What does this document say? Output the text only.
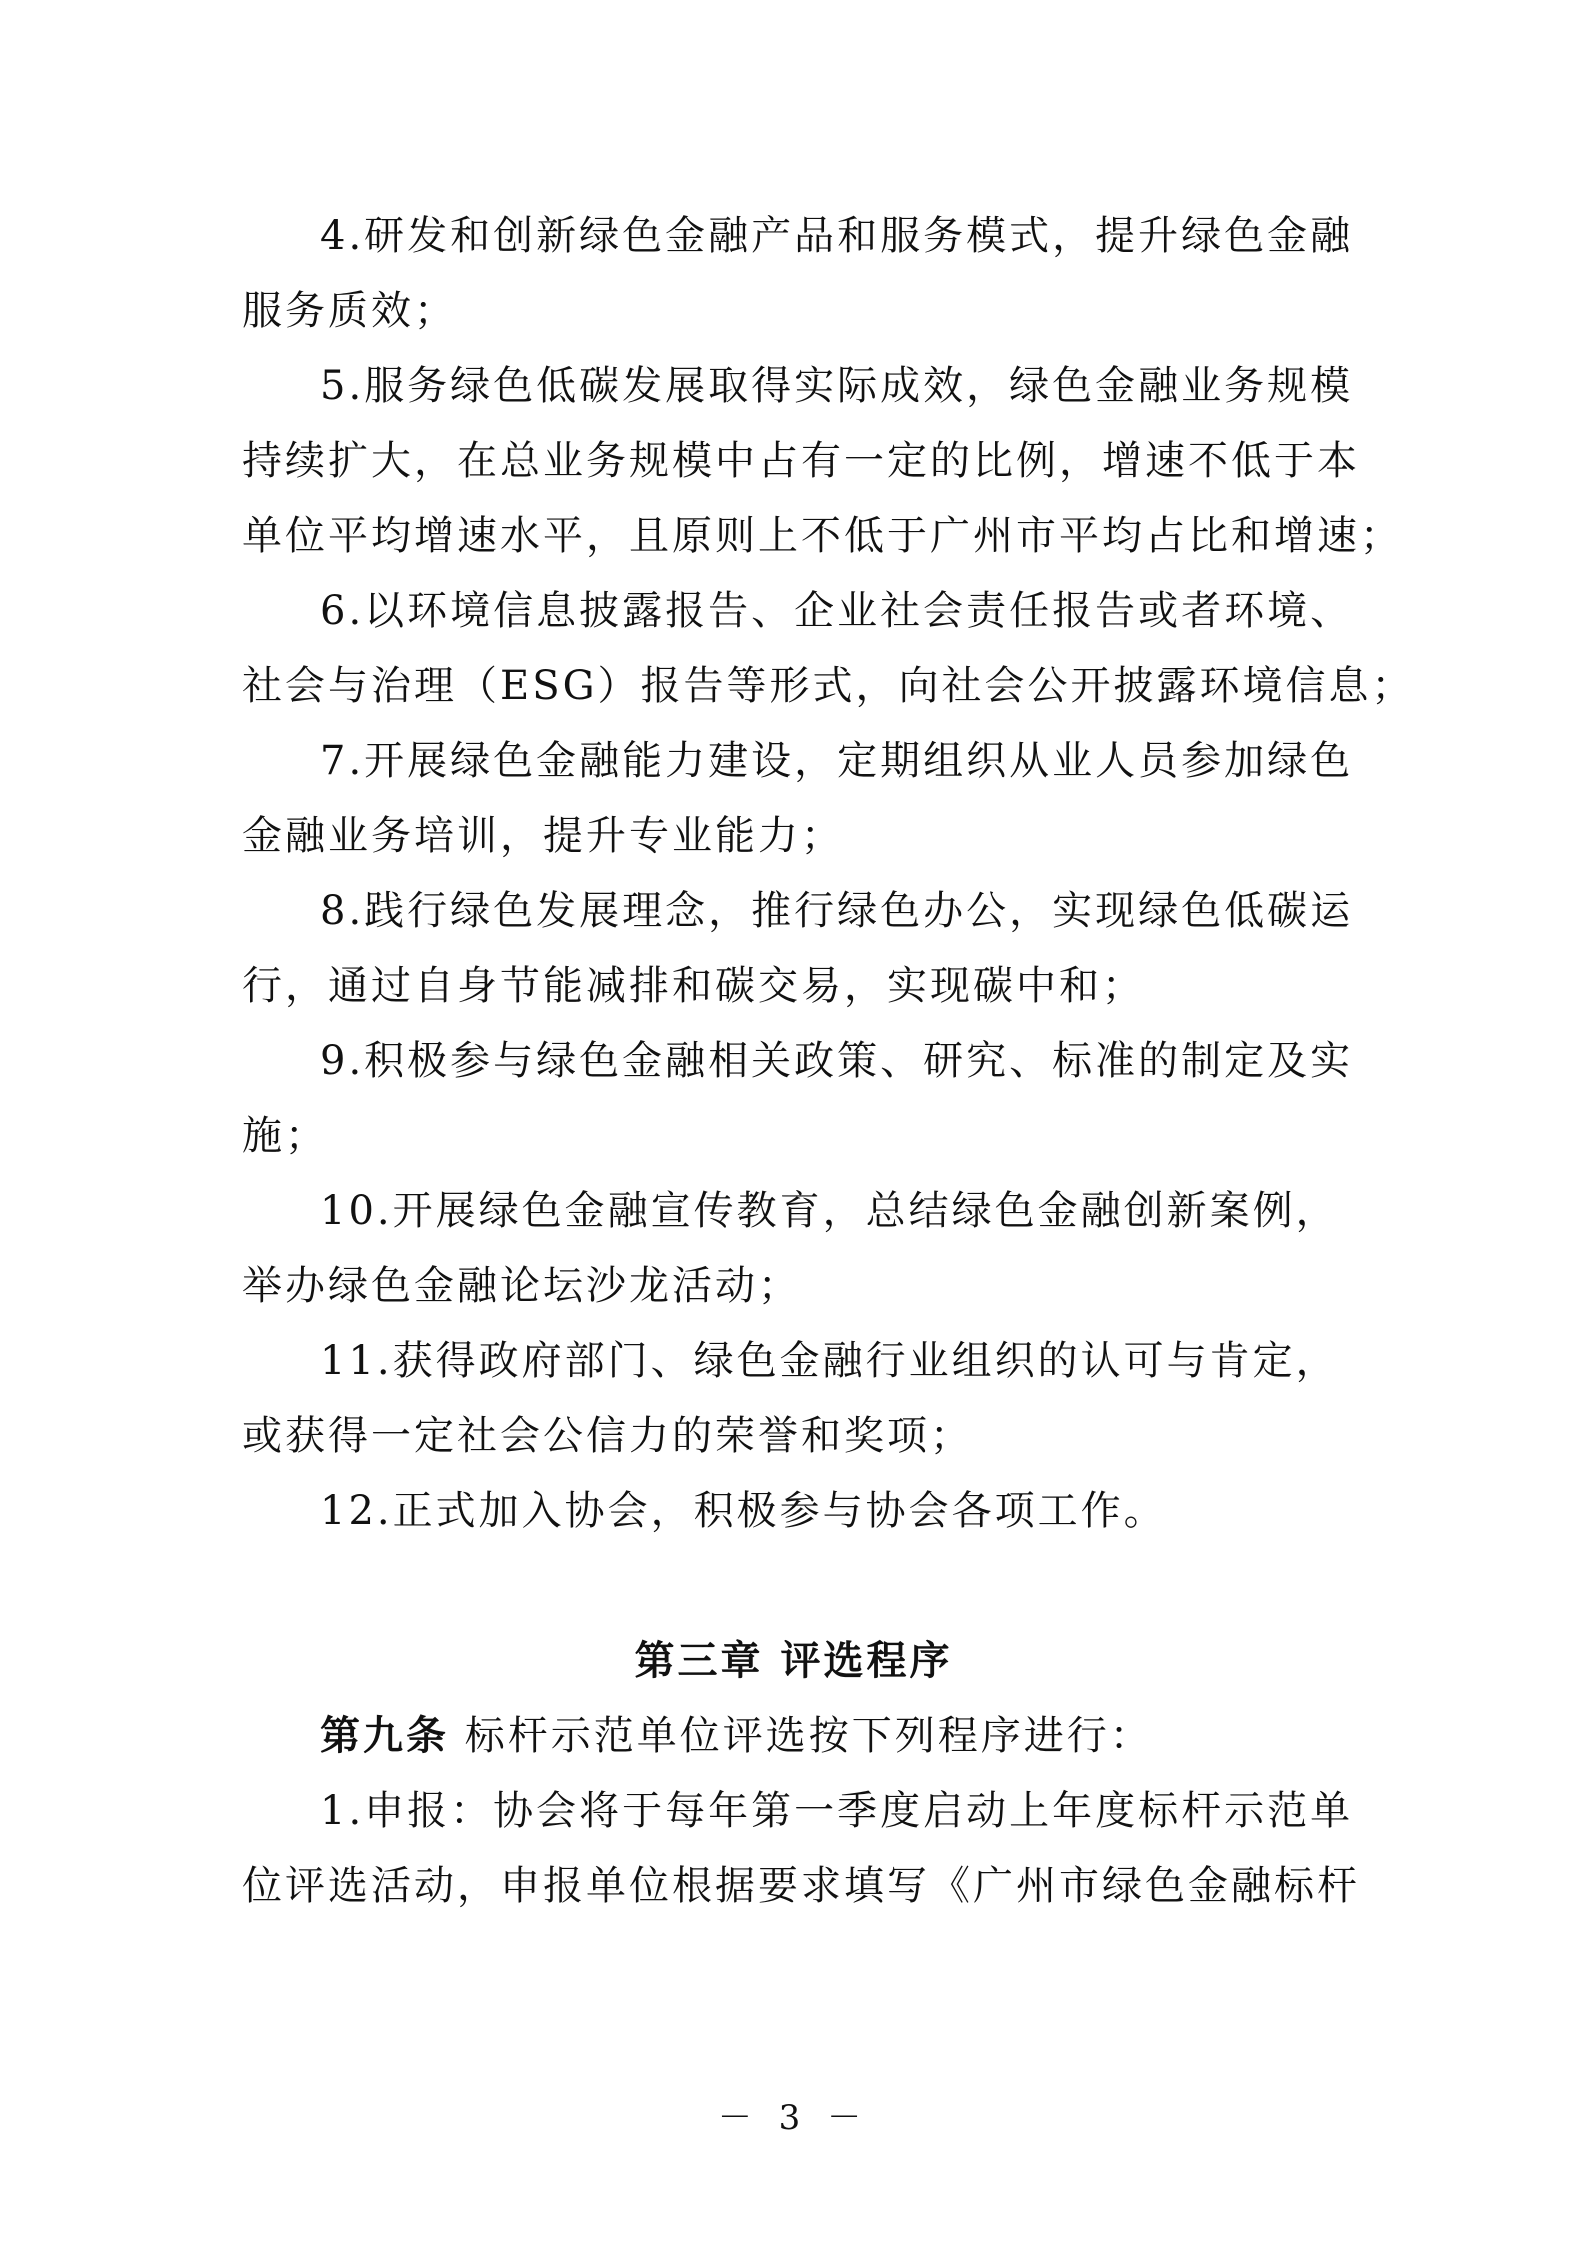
4.研发和创新绿色金融产品和服务模式，提升绿色金融

服务质效；

5.服务绿色低碳发展取得实际成效，绿色金融业务规模

持续扩大，在总业务规模中占有一定的比例，增速不低于本

单位平均增速水平，且原则上不低于广州市平均占比和增速；

6.以环境信息披露报告、企业社会责任报告或者环境、

社会与治理（ESG）报告等形式，向社会公开披露环境信息；

7.开展绿色金融能力建设，定期组织从业人员参加绿色

金融业务培训，提升专业能力；

8.践行绿色发展理念，推行绿色办公，实现绿色低碳运

行，通过自身节能减排和碳交易，实现碳中和；

9.积极参与绿色金融相关政策、研究、标准的制定及实

施；

10.开展绿色金融宣传教育，总结绿色金融创新案例，

举办绿色金融论坛沙龙活动；

11.获得政府部门、绿色金融行业组织的认可与肯定，

或获得一定社会公信力的荣誉和奖项；

12.正式加入协会，积极参与协会各项工作。

第三章 评选程序

第九条 标杆示范单位评选按下列程序进行：

1.申报：协会将于每年第一季度启动上年度标杆示范单

位评选活动，申报单位根据要求填写《广州市绿色金融标杆

－ 3 －
